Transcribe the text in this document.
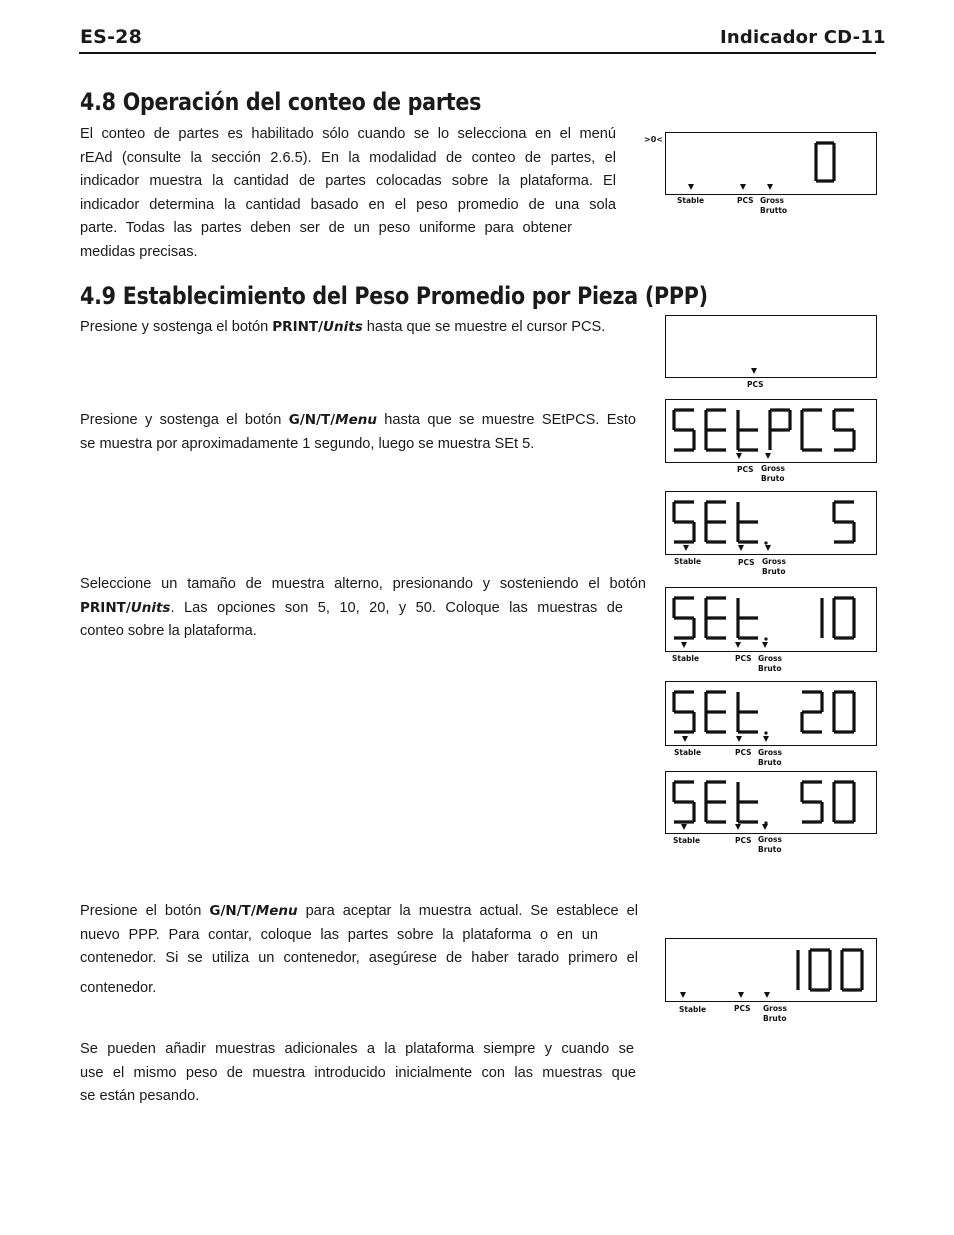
ES-28	Indicador CD-11
4.8 Operación del conteo de partes
El conteo de partes es habilitado sólo cuando se lo selecciona en el menú
rEAd (consulte la sección 2.6.5). En la modalidad de conteo de partes, el
indicador muestra la cantidad de partes colocadas sobre la plataforma. El
indicador determina la cantidad basado en el peso promedio de una sola
parte. Todas las partes deben ser de un peso uniforme para obtener
medidas precisas.
4.9 Establecimiento del Peso Promedio por Pieza (PPP)
Presione y sostenga el botón PRINT/Units hasta que se muestre el cursor PCS.
Presione y sostenga el botón G/N/T/Menu hasta que se muestre SEtPCS. Esto
se muestra por aproximadamente 1 segundo, luego se muestra SEt 5.
Seleccione un tamaño de muestra alterno, presionando y sosteniendo el botón
PRINT/Units. Las opciones son 5, 10, 20, y 50. Coloque las muestras de
conteo sobre la plataforma.
Presione el botón G/N/T/Menu para aceptar la muestra actual. Se establece el
nuevo PPP. Para contar, coloque las partes sobre la plataforma o en un
contenedor. Si se utiliza un contenedor, asegúrese de haber tarado primero el
contenedor.
Se pueden añadir muestras adicionales a la plataforma siempre y cuando se
use el mismo peso de muestra introducido inicialmente con las muestras que
se están pesando.
>0<
Stable	PCS Gross
Brutto
PCS
PCS Gross
Bruto
Stable	PCS Gross
Bruto
Stable	PCS Gross
Bruto
Stable	PCS Gross
Bruto
Stable	PCS Gross
Bruto
Stable	PCS Gross
Bruto
